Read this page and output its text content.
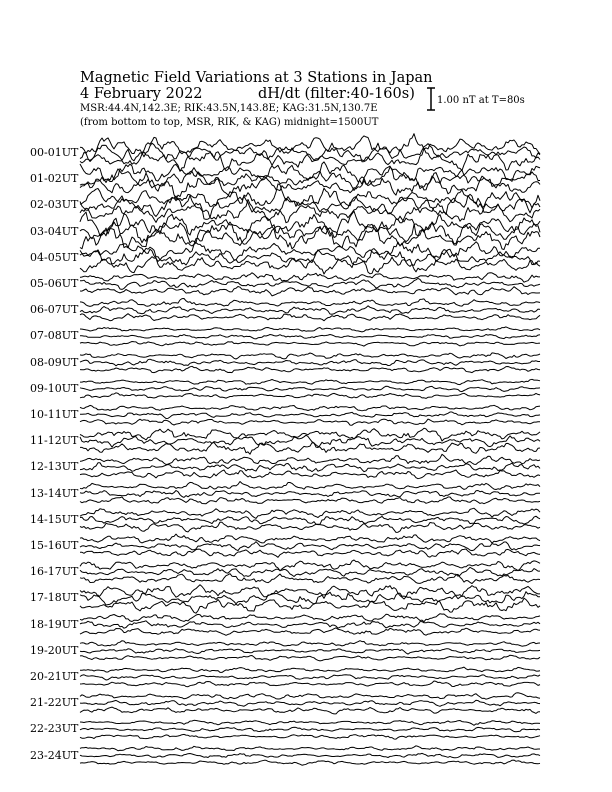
Magnetic Field Variations at 3 Stations in Japan
4 February 2022	dH/dt (filter:40-160s)
MSR:44.4N,142.3E; RIK:43.5N,143.8E; KAG:31.5N,130.7E
(from bottom to top, MSR, RIK, & KAG) midnight=1500UT
1.00 nT at T=80s
00-01UT
01-02UT
02-03UT
03-04UT
04-05UT
05-06UT
06-07UT
07-08UT
08-09UT
09-10UT
10-11UT
11-12UT
12-13UT
13-14UT
14-15UT
15-16UT
16-17UT
17-18UT
18-19UT
19-20UT
20-21UT
21-22UT
22-23UT
23-24UT
